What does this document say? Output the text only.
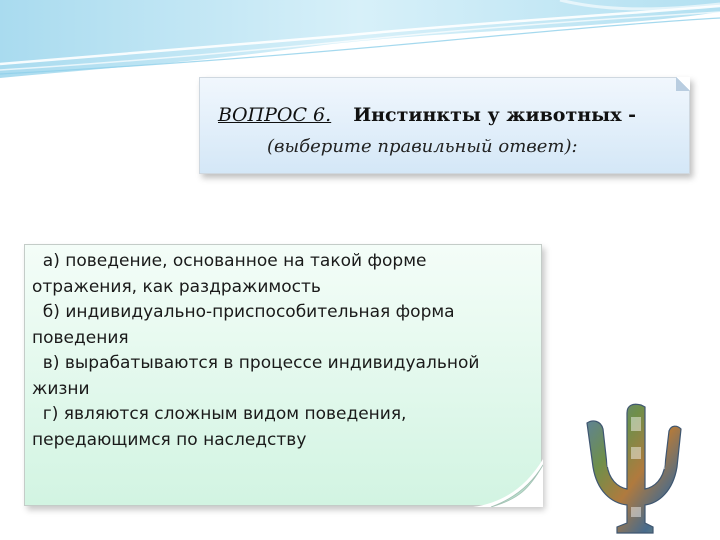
ВОПРОС 6. Инстинкты у животных -
(выберите правильный ответ):
а) поведение, основанное на такой форме
отражения, как раздражимость
б) индивидуально-приспособительная форма
поведения
в) вырабатываются в процессе индивидуальной
жизни
г) являются сложным видом поведения,
передающимся по наследству
